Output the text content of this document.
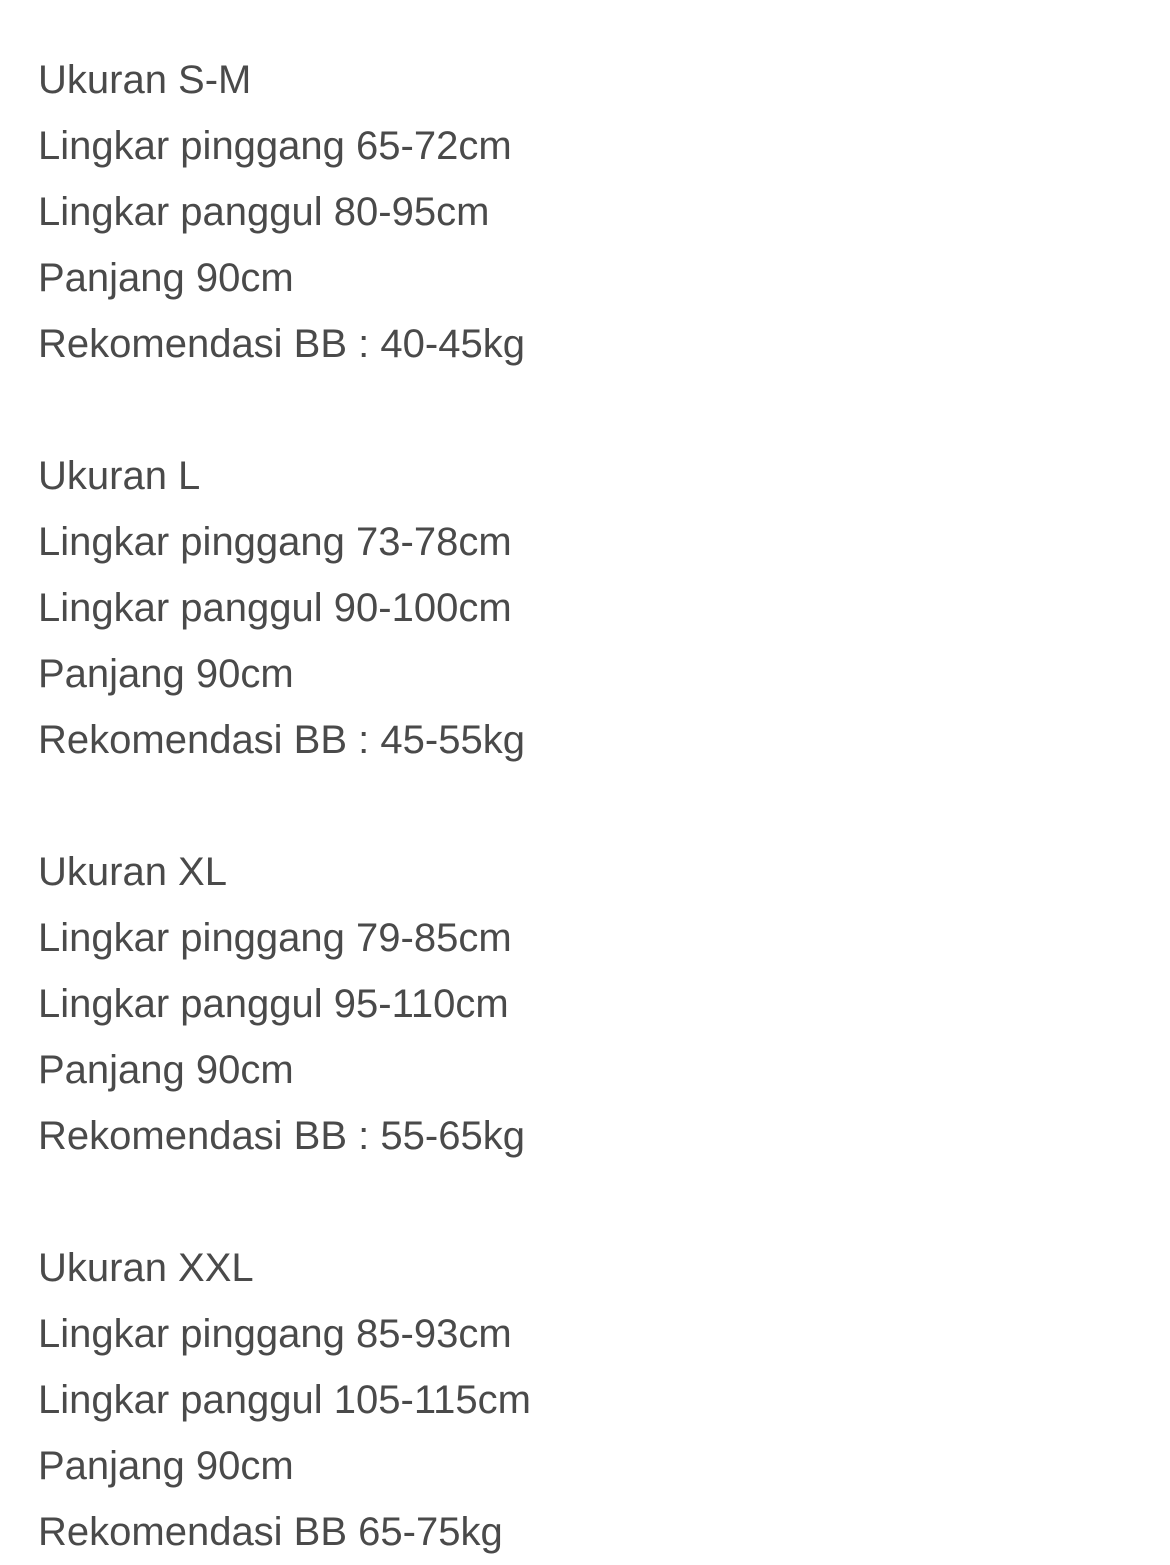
Ukuran S-M
Lingkar pinggang 65-72cm
Lingkar panggul 80-95cm
Panjang 90cm
Rekomendasi BB : 40-45kg
Ukuran L
Lingkar pinggang 73-78cm
Lingkar panggul 90-100cm
Panjang 90cm
Rekomendasi BB : 45-55kg
Ukuran XL
Lingkar pinggang 79-85cm
Lingkar panggul 95-110cm
Panjang 90cm
Rekomendasi BB : 55-65kg
Ukuran XXL
Lingkar pinggang 85-93cm
Lingkar panggul 105-115cm
Panjang 90cm
Rekomendasi BB 65-75kg
